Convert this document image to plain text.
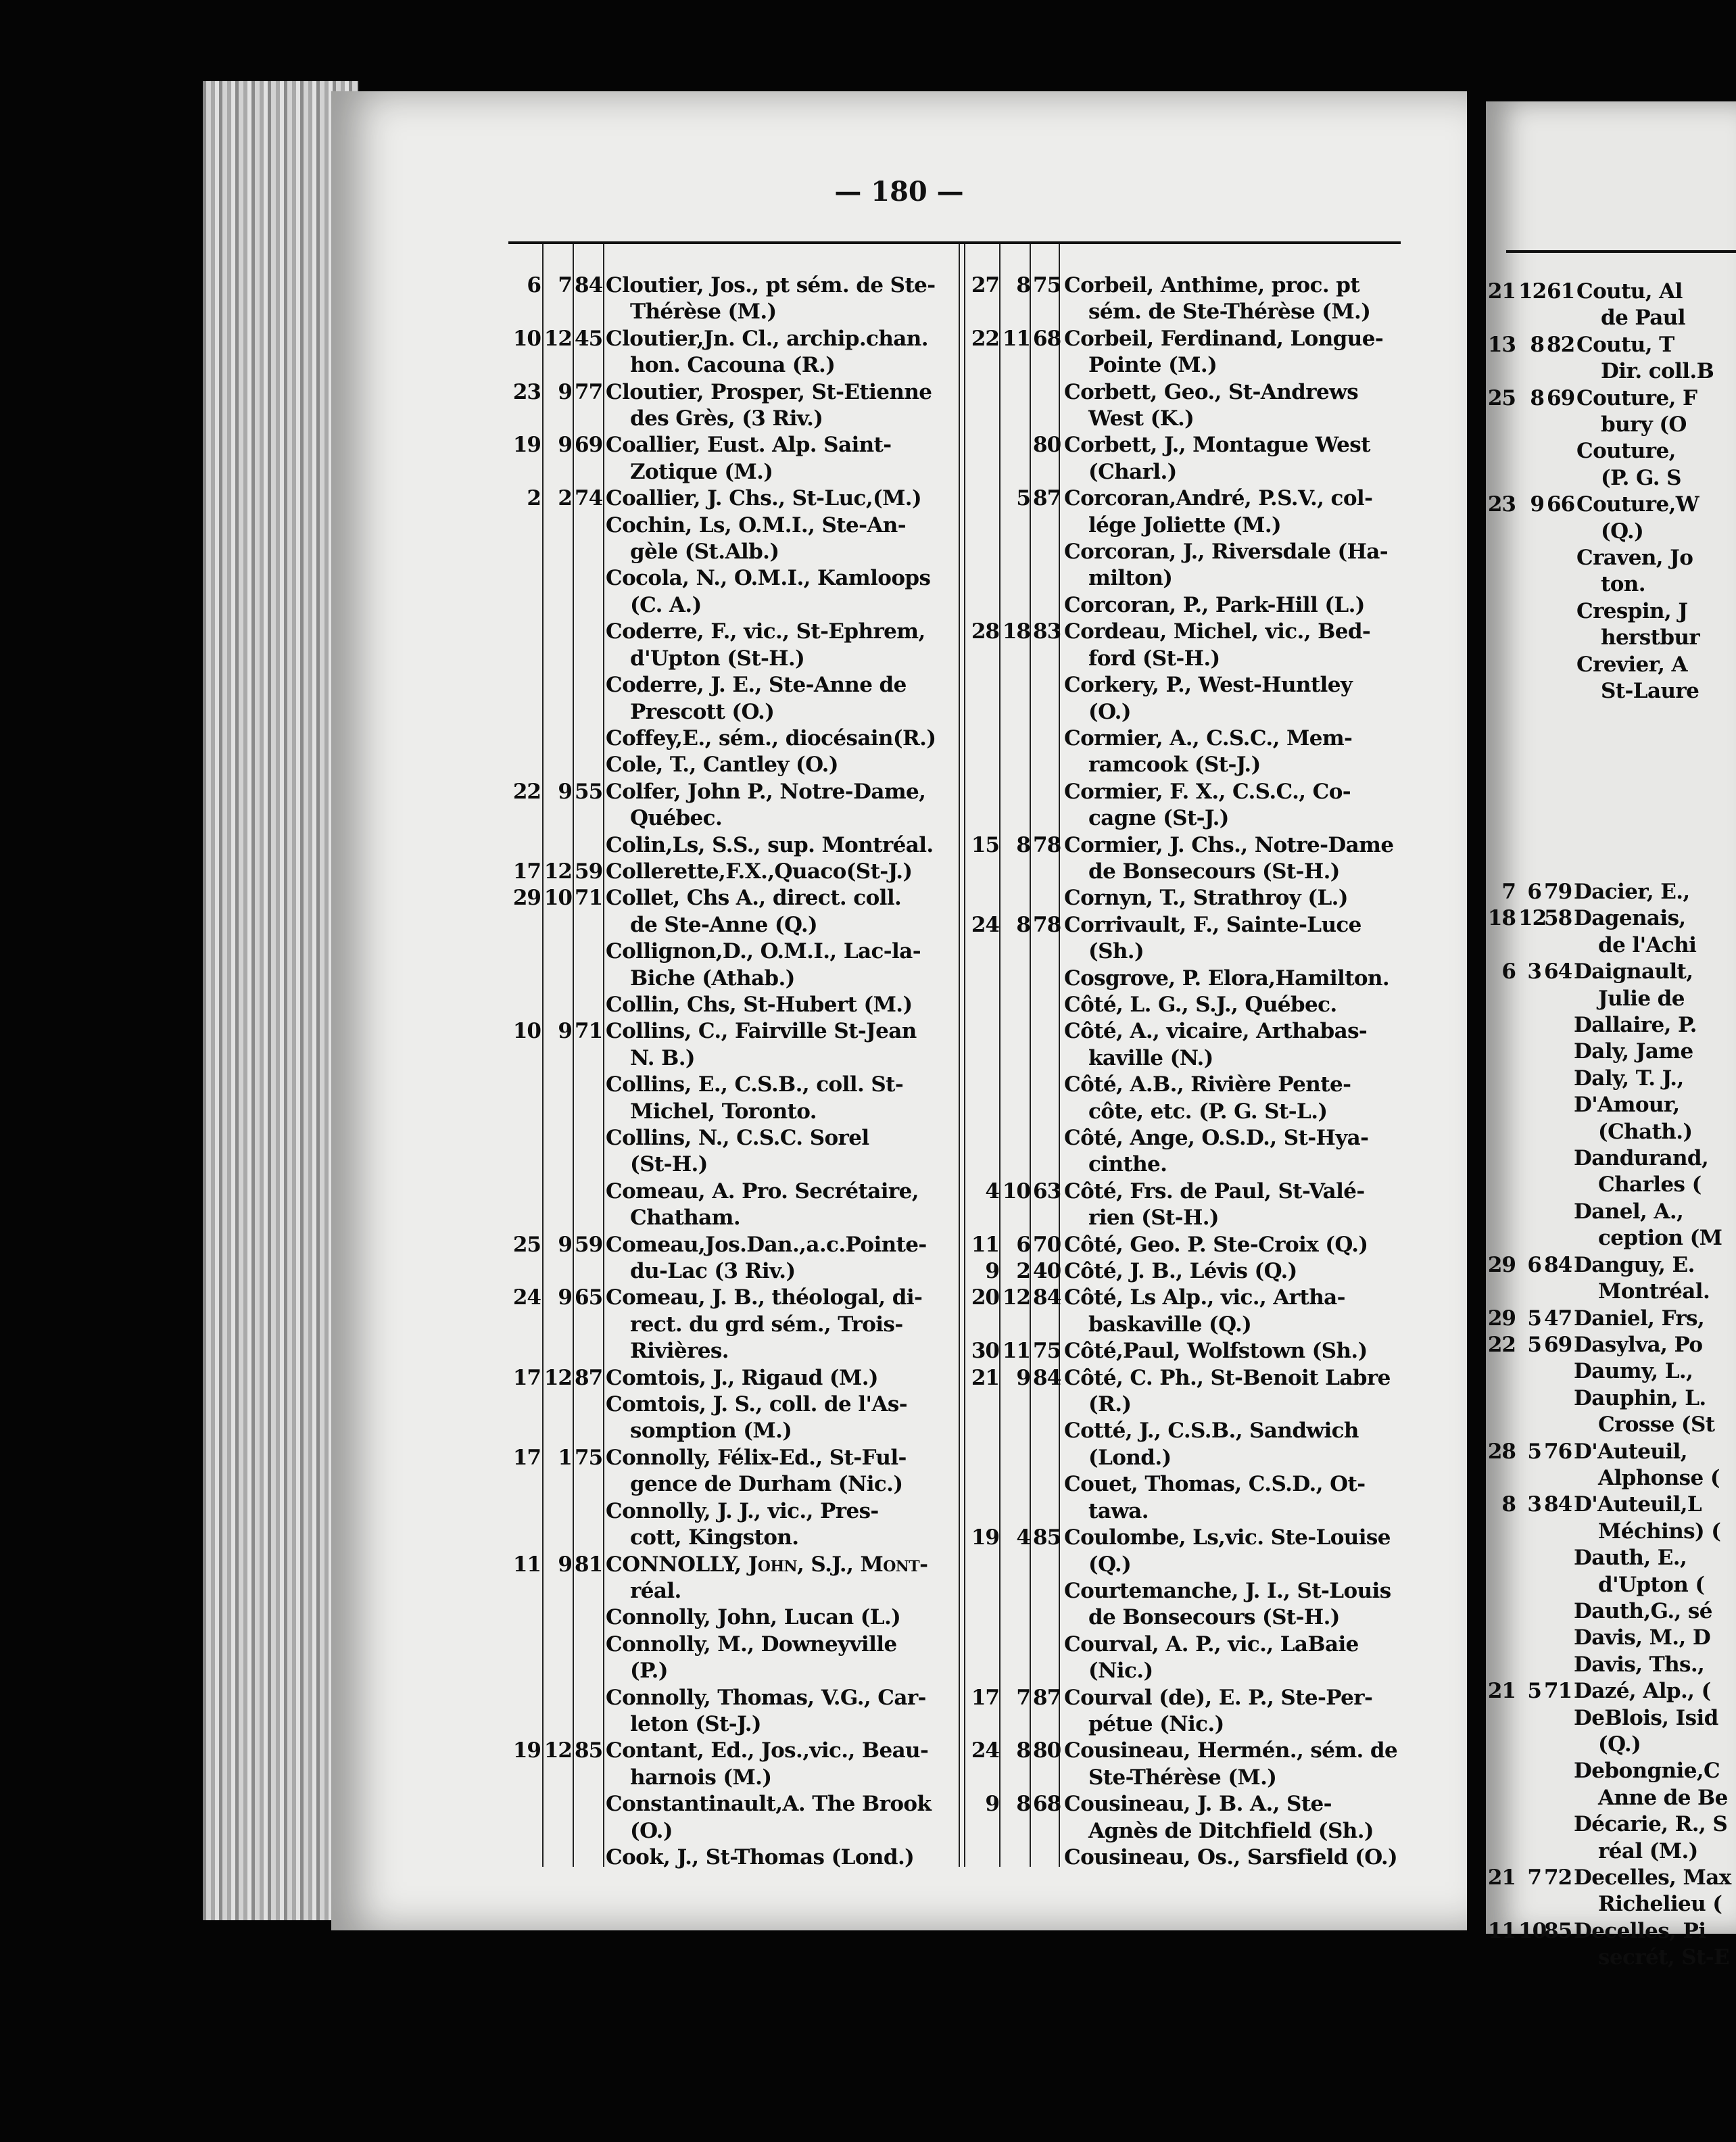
— 180 —
6 7 84 Cloutier, Jos., pt sém. de Ste-
Thérèse (M.)
10 12 45 Cloutier,Jn. Cl., archip.chan.
hon. Cacouna (R.)
23 9 77 Cloutier, Prosper, St-Etienne
des Grès, (3 Riv.)
19 9 69 Coallier, Eust. Alp. Saint-
Zotique (M.)
2 2 74 Coallier, J. Chs., St-Luc,(M.)
Cochin, Ls, O.M.I., Ste-An-
gèle (St.Alb.)
Cocola, N., O.M.I., Kamloops
(C. A.)
Coderre, F., vic., St-Ephrem,
d'Upton (St-H.)
Coderre, J. E., Ste-Anne de
Prescott (O.)
Coffey,E., sém., diocésain(R.)
Cole, T., Cantley (O.)
22 9 55 Colfer, John P., Notre-Dame,
Québec.
Colin,Ls, S.S., sup. Montréal.
17 12 59 Collerette,F.X.,Quaco(St-J.)
29 10 71 Collet, Chs A., direct. coll.
de Ste-Anne (Q.)
Collignon,D., O.M.I., Lac-la-
Biche (Athab.)
Collin, Chs, St-Hubert (M.)
10 9 71 Collins, C., Fairville St-Jean
N. B.)
Collins, E., C.S.B., coll. St-
Michel, Toronto.
Collins, N., C.S.C. Sorel
(St-H.)
Comeau, A. Pro. Secrétaire,
Chatham.
25 9 59 Comeau,Jos.Dan.,a.c.Pointe-
du-Lac (3 Riv.)
24 9 65 Comeau, J. B., théologal, di-
rect. du grd sém., Trois-
Rivières.
17 12 87 Comtois, J., Rigaud (M.)
Comtois, J. S., coll. de l'As-
somption (M.)
17 1 75 Connolly, Félix-Ed., St-Ful-
gence de Durham (Nic.)
Connolly, J. J., vic., Pres-
cott, Kingston.
11 9 81 CONNOLLY, John, S.J., Mont-
réal.
Connolly, John, Lucan (L.)
Connolly, M., Downeyville
(P.)
Connolly, Thomas, V.G., Car-
leton (St-J.)
19 12 85 Contant, Ed., Jos.,vic., Beau-
harnois (M.)
Constantinault,A. The Brook
(O.)
Cook, J., St-Thomas (Lond.)
27 8 75 Corbeil, Anthime, proc. pt
sém. de Ste-Thérèse (M.)
22 11 68 Corbeil, Ferdinand, Longue-
Pointe (M.)
Corbett, Geo., St-Andrews
West (K.)
80 Corbett, J., Montague West
(Charl.)
5 87 Corcoran,André, P.S.V., col-
lége Joliette (M.)
Corcoran, J., Riversdale (Ha-
milton)
Corcoran, P., Park-Hill (L.)
28 18 83 Cordeau, Michel, vic., Bed-
ford (St-H.)
Corkery, P., West-Huntley
(O.)
Cormier, A., C.S.C., Mem-
ramcook (St-J.)
Cormier, F. X., C.S.C., Co-
cagne (St-J.)
15 8 78 Cormier, J. Chs., Notre-Dame
de Bonsecours (St-H.)
Cornyn, T., Strathroy (L.)
24 8 78 Corrivault, F., Sainte-Luce
(Sh.)
Cosgrove, P. Elora,Hamilton.
Côté, L. G., S.J., Québec.
Côté, A., vicaire, Arthabas-
kaville (N.)
Côté, A.B., Rivière Pente-
côte, etc. (P. G. St-L.)
Côté, Ange, O.S.D., St-Hya-
cinthe.
4 10 63 Côté, Frs. de Paul, St-Valé-
rien (St-H.)
11 6 70 Côté, Geo. P. Ste-Croix (Q.)
9 2 40 Côté, J. B., Lévis (Q.)
20 12 84 Côté, Ls Alp., vic., Artha-
baskaville (Q.)
30 11 75 Côté,Paul, Wolfstown (Sh.)
21 9 84 Côté, C. Ph., St-Benoit Labre
(R.)
Cotté, J., C.S.B., Sandwich
(Lond.)
Couet, Thomas, C.S.D., Ot-
tawa.
19 4 85 Coulombe, Ls,vic. Ste-Louise
(Q.)
Courtemanche, J. I., St-Louis
de Bonsecours (St-H.)
Courval, A. P., vic., LaBaie
(Nic.)
17 7 87 Courval (de), E. P., Ste-Per-
pétue (Nic.)
24 8 80 Cousineau, Hermén., sém. de
Ste-Thérèse (M.)
9 8 68 Cousineau, J. B. A., Ste-
Agnès de Ditchfield (Sh.)
Cousineau, Os., Sarsfield (O.)
21 12 61 Coutu, Al
de Paul
13 8 82 Coutu, T
Dir. coll.B
25 8 69 Couture, F
bury (O
Couture,
(P. G. S
23 9 66 Couture,W
(Q.)
Craven, Jo
ton.
Crespin, J
herstbur
Crevier, A
St-Laure
7 6 79 Dacier, E.,
18 12
58 Dagenais,
de l'Achi
6 3 64 Daignault,
Julie de
Dallaire, P.
Daly, Jame
Daly, T. J.,
D'Amour,
(Chath.)
Dandurand,
Charles (
Danel, A.,
ception (M
29 6 84 Danguy, E.
Montréal.
29 5 47 Daniel, Frs,
22 5 69 Dasylva, Po
Daumy, L.,
Dauphin, L.
Crosse (St
28 5 76 D'Auteuil,
Alphonse (
8 3 84 D'Auteuil,L
Méchins) (
Dauth, E.,
d'Upton (
Dauth,G., sé
Davis, M., D
Davis, Ths.,
21 5 71 Dazé, Alp., (
DeBlois, Isid
(Q.)
Debongnie,C
Anne de Be
Décarie, R., S
réal (M.)
21 7 72 Decelles, Max
Richelieu (
11 10
85 Decelles, Pi
secrét, St-E
